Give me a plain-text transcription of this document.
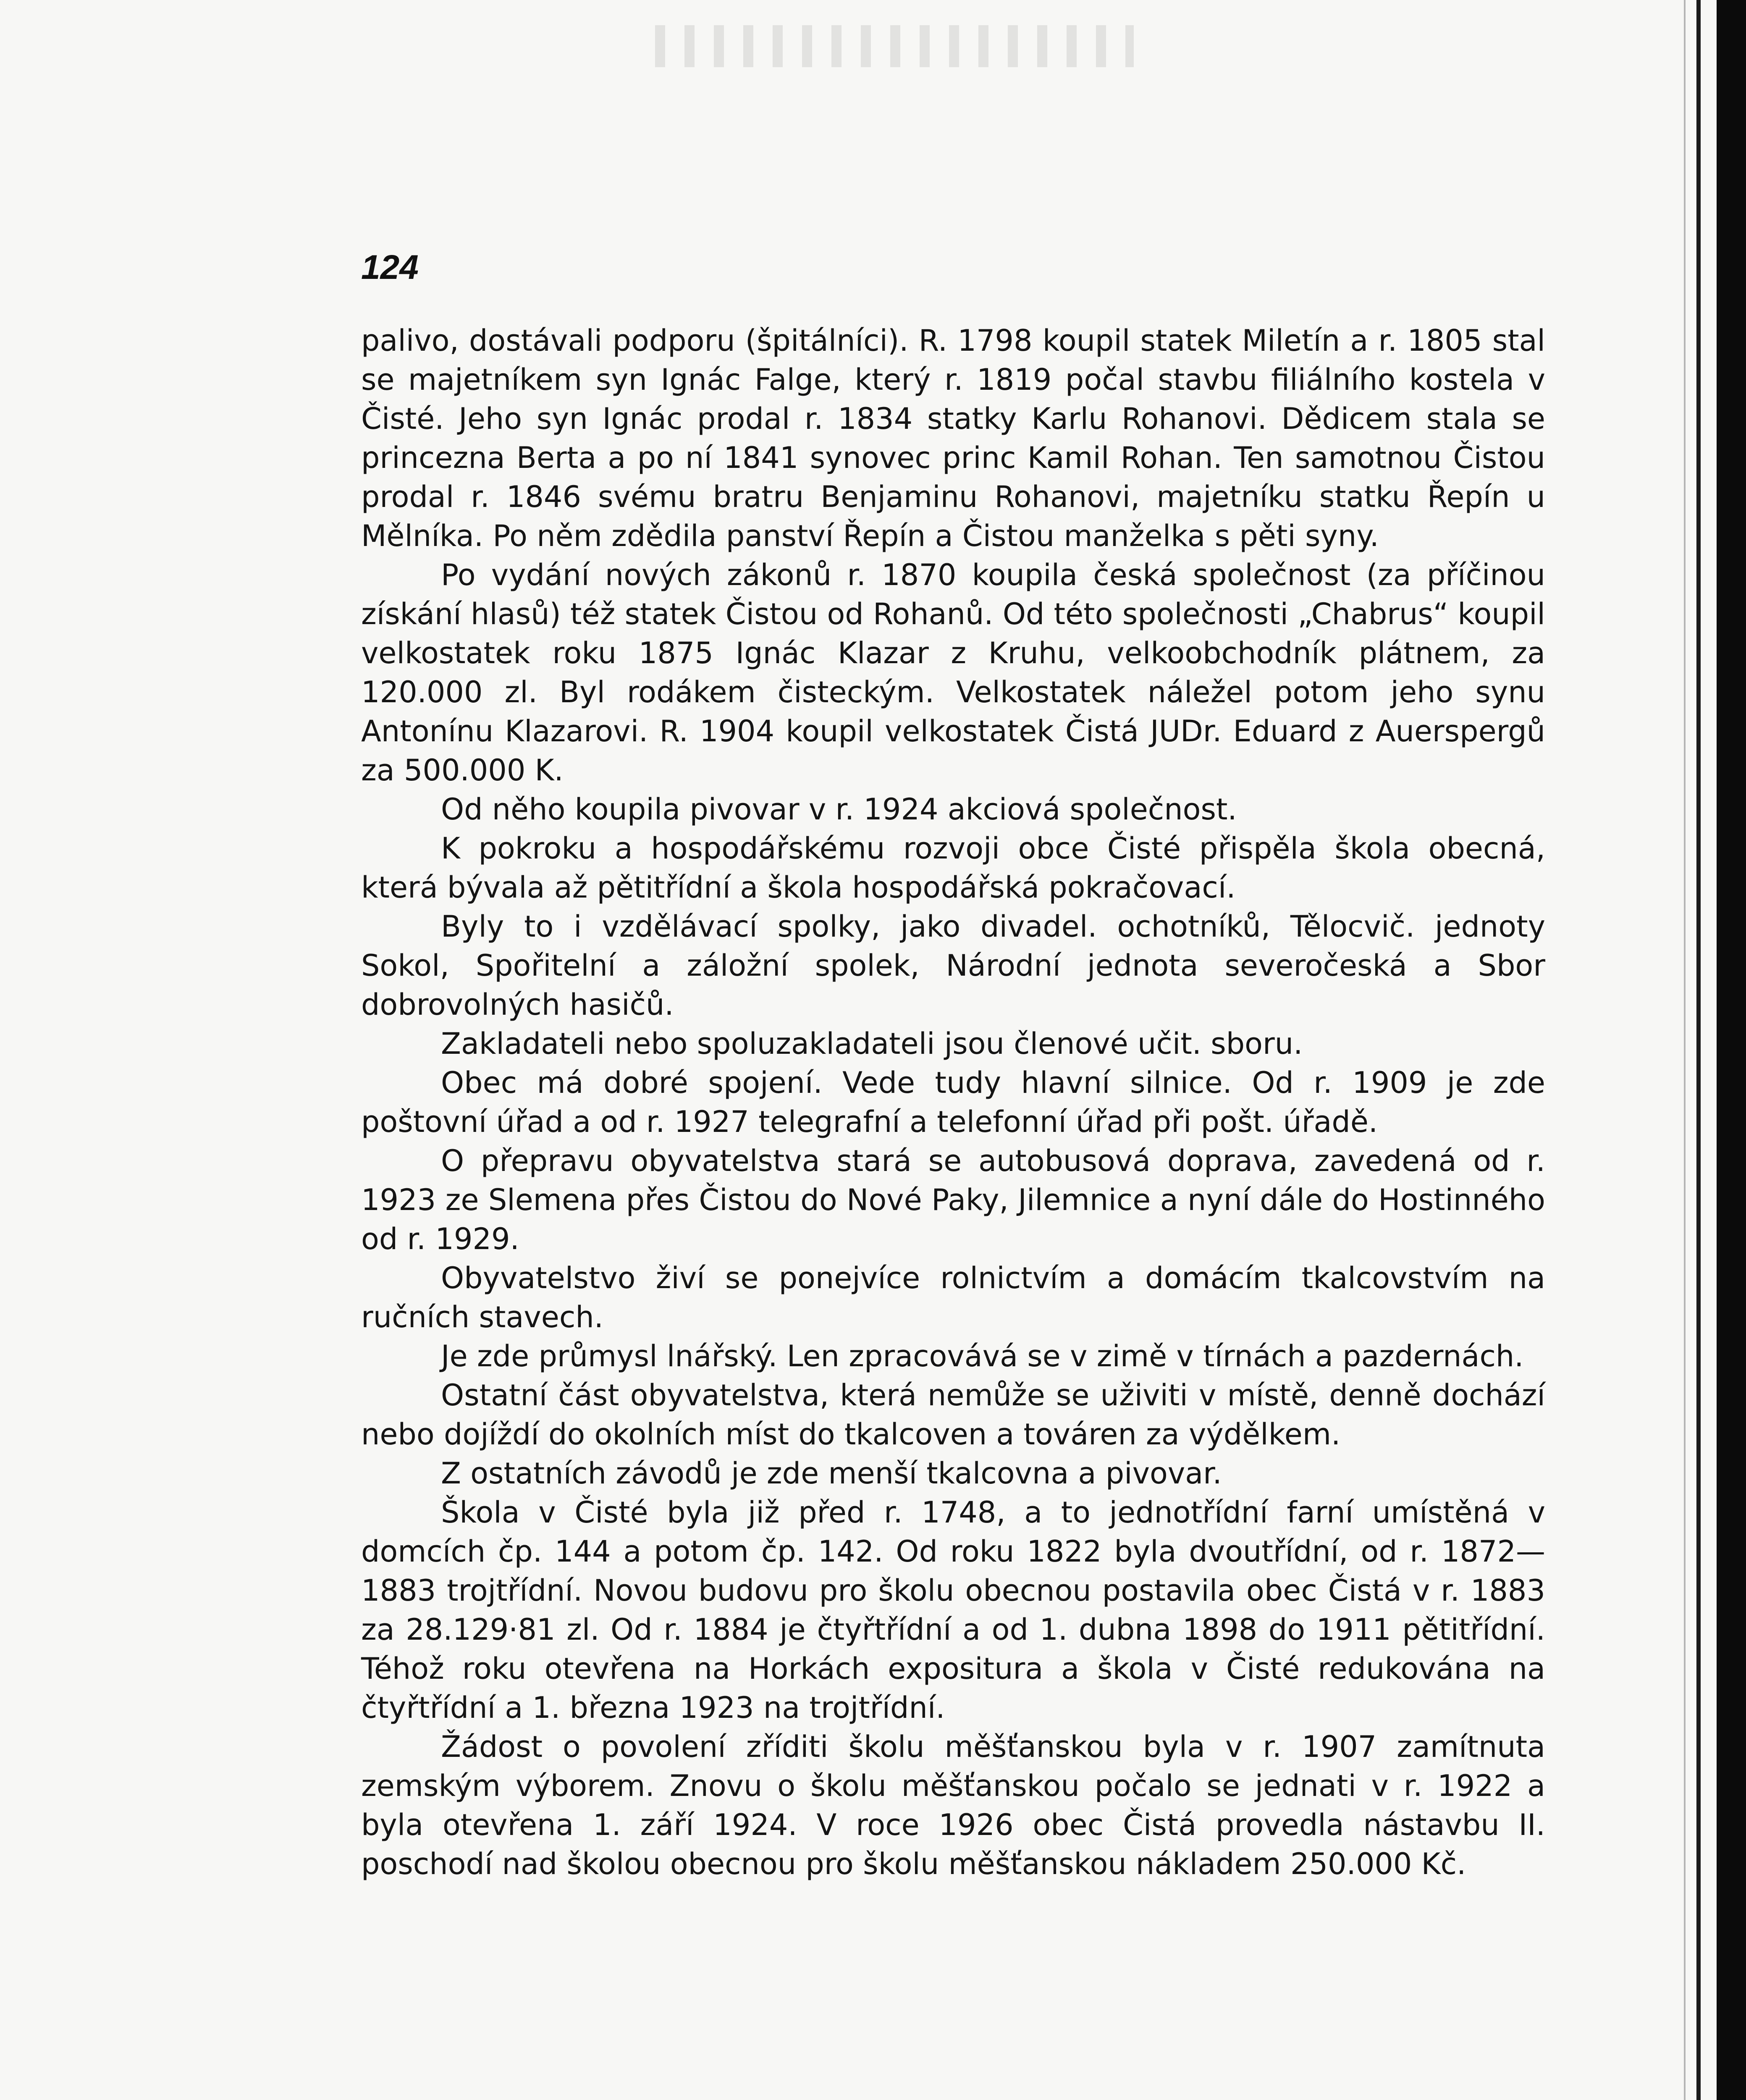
124

palivo, dostávali podporu (špitálníci). R. 1798 koupil statek Miletín a r. 1805 stal se majetníkem syn Ignác Falge, který r. 1819 počal stavbu filiálního kostela v Čisté. Jeho syn Ignác prodal r. 1834 statky Karlu Rohanovi. Dědicem stala se princezna Berta a po ní 1841 synovec princ Kamil Rohan. Ten samotnou Čistou prodal r. 1846 svému bratru Benjaminu Rohanovi, majetníku statku Řepín u Mělníka. Po něm zdědila panství Řepín a Čistou manželka s pěti syny.

Po vydání nových zákonů r. 1870 koupila česká společnost (za příčinou získání hlasů) též statek Čistou od Rohanů. Od této společnosti „Chabrus“ koupil velkostatek roku 1875 Ignác Klazar z Kruhu, velkoobchodník plátnem, za 120.000 zl. Byl rodákem čisteckým. Velkostatek náležel potom jeho synu Antonínu Klazarovi. R. 1904 koupil velkostatek Čistá JUDr. Eduard z Auerspergů za 500.000 K.

Od něho koupila pivovar v r. 1924 akciová společnost.

K pokroku a hospodářskému rozvoji obce Čisté přispěla škola obecná, která bývala až pětitřídní a škola hospodářská pokračovací.

Byly to i vzdělávací spolky, jako divadel. ochotníků, Tělocvič. jednoty Sokol, Spořitelní a záložní spolek, Národní jednota severočeská a Sbor dobrovolných hasičů.

Zakladateli nebo spoluzakladateli jsou členové učit. sboru.

Obec má dobré spojení. Vede tudy hlavní silnice. Od r. 1909 je zde poštovní úřad a od r. 1927 telegrafní a telefonní úřad při pošt. úřadě.

O přepravu obyvatelstva stará se autobusová doprava, zavedená od r. 1923 ze Slemena přes Čistou do Nové Paky, Jilemnice a nyní dále do Hostinného od r. 1929.

Obyvatelstvo živí se ponejvíce rolnictvím a domácím tkalcovstvím na ručních stavech.

Je zde průmysl lnářský. Len zpracovává se v zimě v tírnách a pazdernách.

Ostatní část obyvatelstva, která nemůže se uživiti v místě, denně dochází nebo dojíždí do okolních míst do tkalcoven a továren za výdělkem.

Z ostatních závodů je zde menší tkalcovna a pivovar.

Škola v Čisté byla již před r. 1748, a to jednotřídní farní umístěná v domcích čp. 144 a potom čp. 142. Od roku 1822 byla dvoutřídní, od r. 1872—1883 trojtřídní. Novou budovu pro školu obecnou postavila obec Čistá v r. 1883 za 28.129·81 zl. Od r. 1884 je čtyřtřídní a od 1. dubna 1898 do 1911 pětitřídní. Téhož roku otevřena na Horkách expositura a škola v Čisté redukována na čtyřtřídní a 1. března 1923 na trojtřídní.

Žádost o povolení zříditi školu měšťanskou byla v r. 1907 zamítnuta zemským výborem. Znovu o školu měšťanskou počalo se jednati v r. 1922 a byla otevřena 1. září 1924. V roce 1926 obec Čistá provedla nástavbu II. poschodí nad školou obecnou pro školu měšťanskou nákladem 250.000 Kč.
